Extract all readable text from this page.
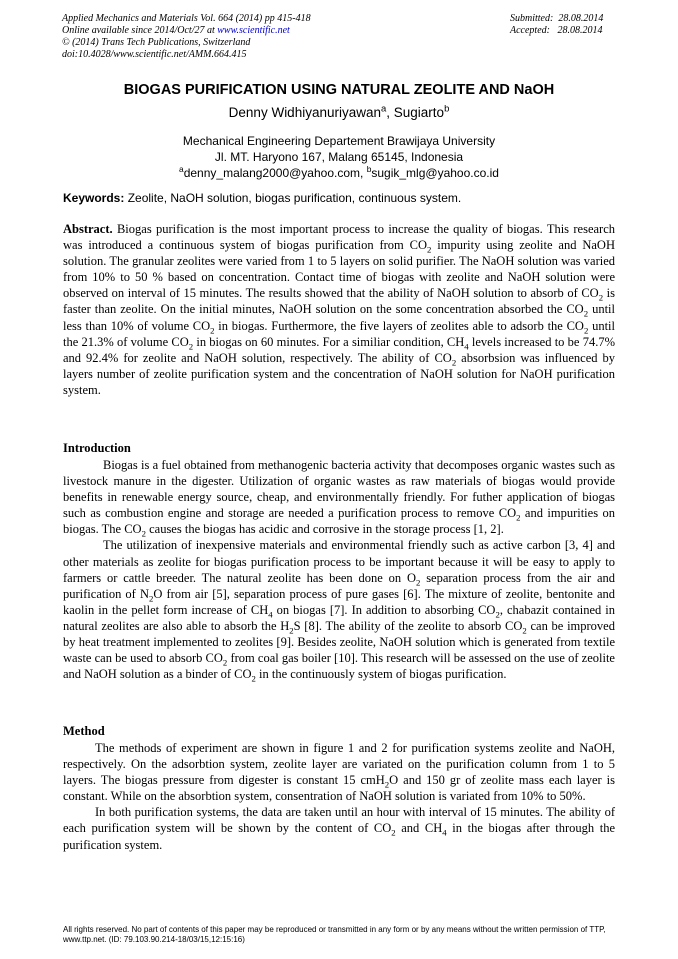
Applied Mechanics and Materials Vol. 664 (2014) pp 415-418
Online available since 2014/Oct/27 at www.scientific.net
© (2014) Trans Tech Publications, Switzerland
doi:10.4028/www.scientific.net/AMM.664.415
Submitted:  28.08.2014
Accepted:   28.08.2014
BIOGAS PURIFICATION USING NATURAL ZEOLITE AND NaOH
Denny Widhiyanuriyawan$^a$, Sugiarto$^b$
Mechanical Engineering Departement Brawijaya University
Jl. MT. Haryono 167, Malang 65145, Indonesia
$^a$denny_malang2000@yahoo.com, $^b$sugik_mlg@yahoo.co.id
Keywords: Zeolite, NaOH solution, biogas purification, continuous system.
Abstract. Biogas purification is the most important process to increase the quality of biogas. This research was introduced a continuous system of biogas purification from $CO_2$ impurity using zeolite and NaOH solution. The granular zeolites were varied from 1 to 5 layers on solid purifier. The NaOH solution was varied from 10% to 50 % based on concentration. Contact time of biogas with zeolite and NaOH solution were observed on interval of 15 minutes. The results showed that the ability of NaOH solution to absorb of $CO_2$ is faster than zeolite. On the initial minutes, NaOH solution on the some concentration absorbed the $CO_2$ until less than 10% of volume $CO_2$ in biogas. Furthermore, the five layers of zeolites able to adsorb the $CO_2$ until the 21.3% of volume $CO_2$ in biogas on 60 minutes. For a similiar condition, $CH_4$ levels increased to be 74.7% and 92.4% for zeolite and NaOH solution, respectively. The ability of $CO_2$ absorbsion was influenced by layers number of zeolite purification system and the concentration of NaOH solution for NaOH purification system.
Introduction

Biogas is a fuel obtained from methanogenic bacteria activity that decomposes organic wastes such as livestock manure in the digester. Utilization of organic wastes as raw materials of biogas would provide benefits in renewable energy source, cheap, and environmentally friendly. For futher application of biogas such as combustion engine and storage are needed a purification process to remove $CO_2$ and impurities on biogas. The $CO_2$ causes the biogas has acidic and corrosive in the storage process [1, 2].

The utilization of inexpensive materials and environmental friendly such as active carbon [3, 4] and other materials as zeolite for biogas purification process to be important because it will be easy to apply to farmers or cattle breeder. The natural zeolite has been done on $O_2$ separation process from the air and purification of $N_2O$ from air [5], separation process of pure gases [6]. The mixture of zeolite, bentonite and kaolin in the pellet form increase of $CH_4$ on biogas [7]. In addition to absorbing $CO_2$, chabazit contained in natural zeolites are also able to absorb the $H_2S$ [8]. The ability of the zeolite to absorb $CO_2$ can be improved by heat treatment implemented to zeolites [9]. Besides zeolite, NaOH solution which is generated from textile waste can be used to absorb $CO_2$ from coal gas boiler [10]. This research will be assessed on the use of zeolite and NaOH solution as a binder of $CO_2$ in the continuously system of biogas purification.

Method

The methods of experiment are shown in figure 1 and 2 for purification systems zeolite and NaOH, respectively. On the adsorbtion system, zeolite layer are variated on the purification column from 1 to 5 layers. The biogas pressure from digester is constant 15 cmH$_2$O and 150 gr of zeolite mass each layer is constant. While on the absorbtion system, consentration of NaOH solution is variated from 10% to 50%.

In both purification systems, the data are taken until an hour with interval of 15 minutes. The ability of each purification system will be shown by the content of $CO_2$ and $CH_4$ in the biogas after through the purification system.

All rights reserved. No part of contents of this paper may be reproduced or transmitted in any form or by any means without the written permission of TTP,
www.ttp.net. (ID: 79.103.90.214-18/03/15,12:15:16)
